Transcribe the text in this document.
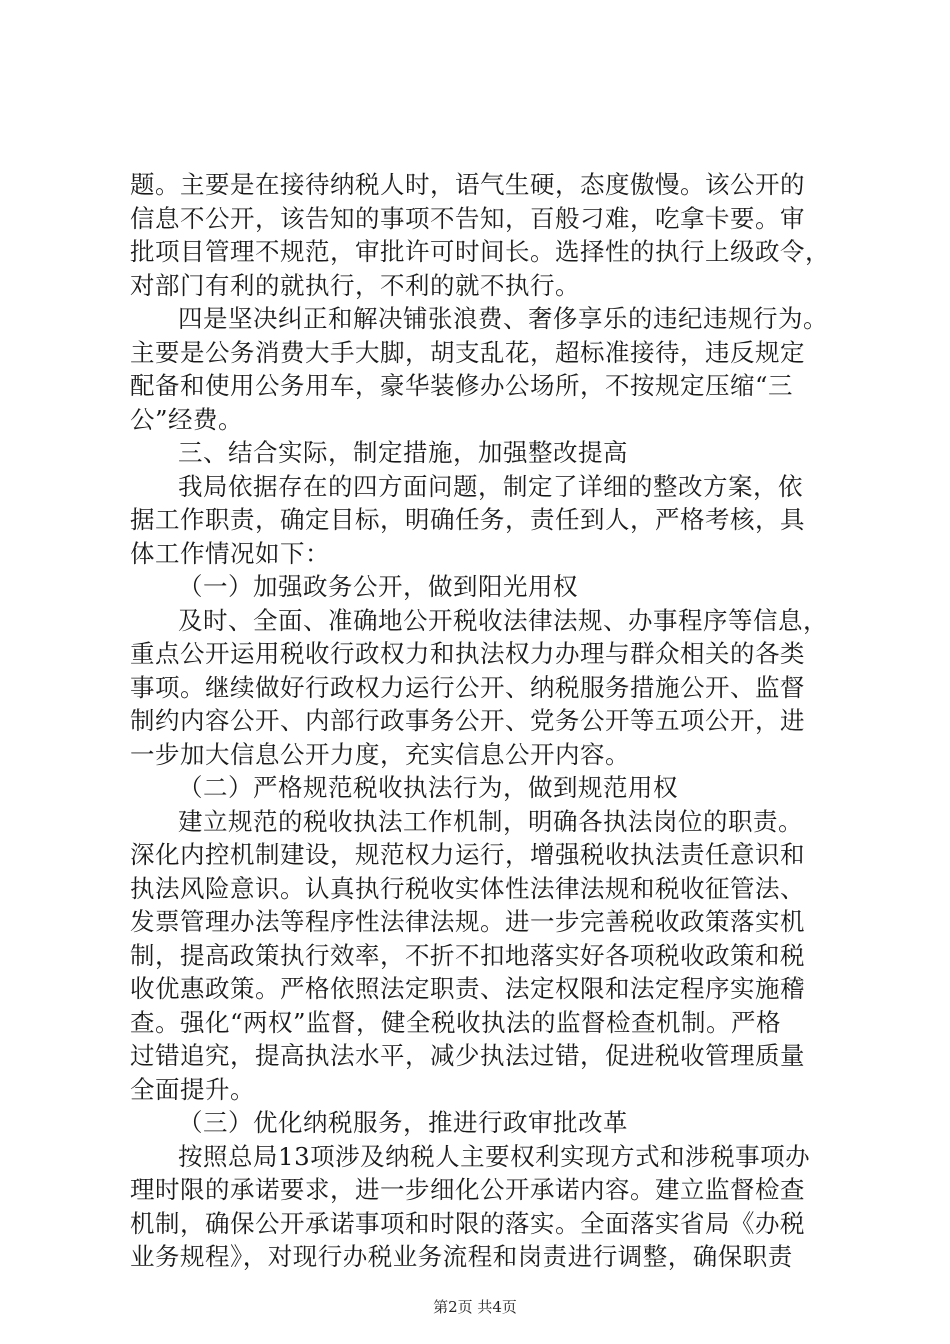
题。主要是在接待纳税人时，语气生硬，态度傲慢。该公开的
信息不公开，该告知的事项不告知，百般刁难，吃拿卡要。审
批项目管理不规范，审批许可时间长。选择性的执行上级政令，
对部门有利的就执行，不利的就不执行。
四是坚决纠正和解决铺张浪费、奢侈享乐的违纪违规行为。
主要是公务消费大手大脚，胡支乱花，超标准接待，违反规定
配备和使用公务用车，豪华装修办公场所，不按规定压缩“三
公”经费。
三、结合实际，制定措施，加强整改提高
我局依据存在的四方面问题，制定了详细的整改方案，依
据工作职责，确定目标，明确任务，责任到人，严格考核，具
体工作情况如下：
（一）加强政务公开，做到阳光用权
及时、全面、准确地公开税收法律法规、办事程序等信息，
重点公开运用税收行政权力和执法权力办理与群众相关的各类
事项。继续做好行政权力运行公开、纳税服务措施公开、监督
制约内容公开、内部行政事务公开、党务公开等五项公开，进
一步加大信息公开力度，充实信息公开内容。
（二）严格规范税收执法行为，做到规范用权
建立规范的税收执法工作机制，明确各执法岗位的职责。
深化内控机制建设，规范权力运行，增强税收执法责任意识和
执法风险意识。认真执行税收实体性法律法规和税收征管法、
发票管理办法等程序性法律法规。进一步完善税收政策落实机
制，提高政策执行效率，不折不扣地落实好各项税收政策和税
收优惠政策。严格依照法定职责、法定权限和法定程序实施稽
查。强化“两权”监督，健全税收执法的监督检查机制。严格
过错追究，提高执法水平，减少执法过错，促进税收管理质量
全面提升。
（三）优化纳税服务，推进行政审批改革
按照总局13项涉及纳税人主要权利实现方式和涉税事项办
理时限的承诺要求，进一步细化公开承诺内容。建立监督检查
机制，确保公开承诺事项和时限的落实。全面落实省局《办税
业务规程》，对现行办税业务流程和岗责进行调整，确保职责
第2页 共4页
